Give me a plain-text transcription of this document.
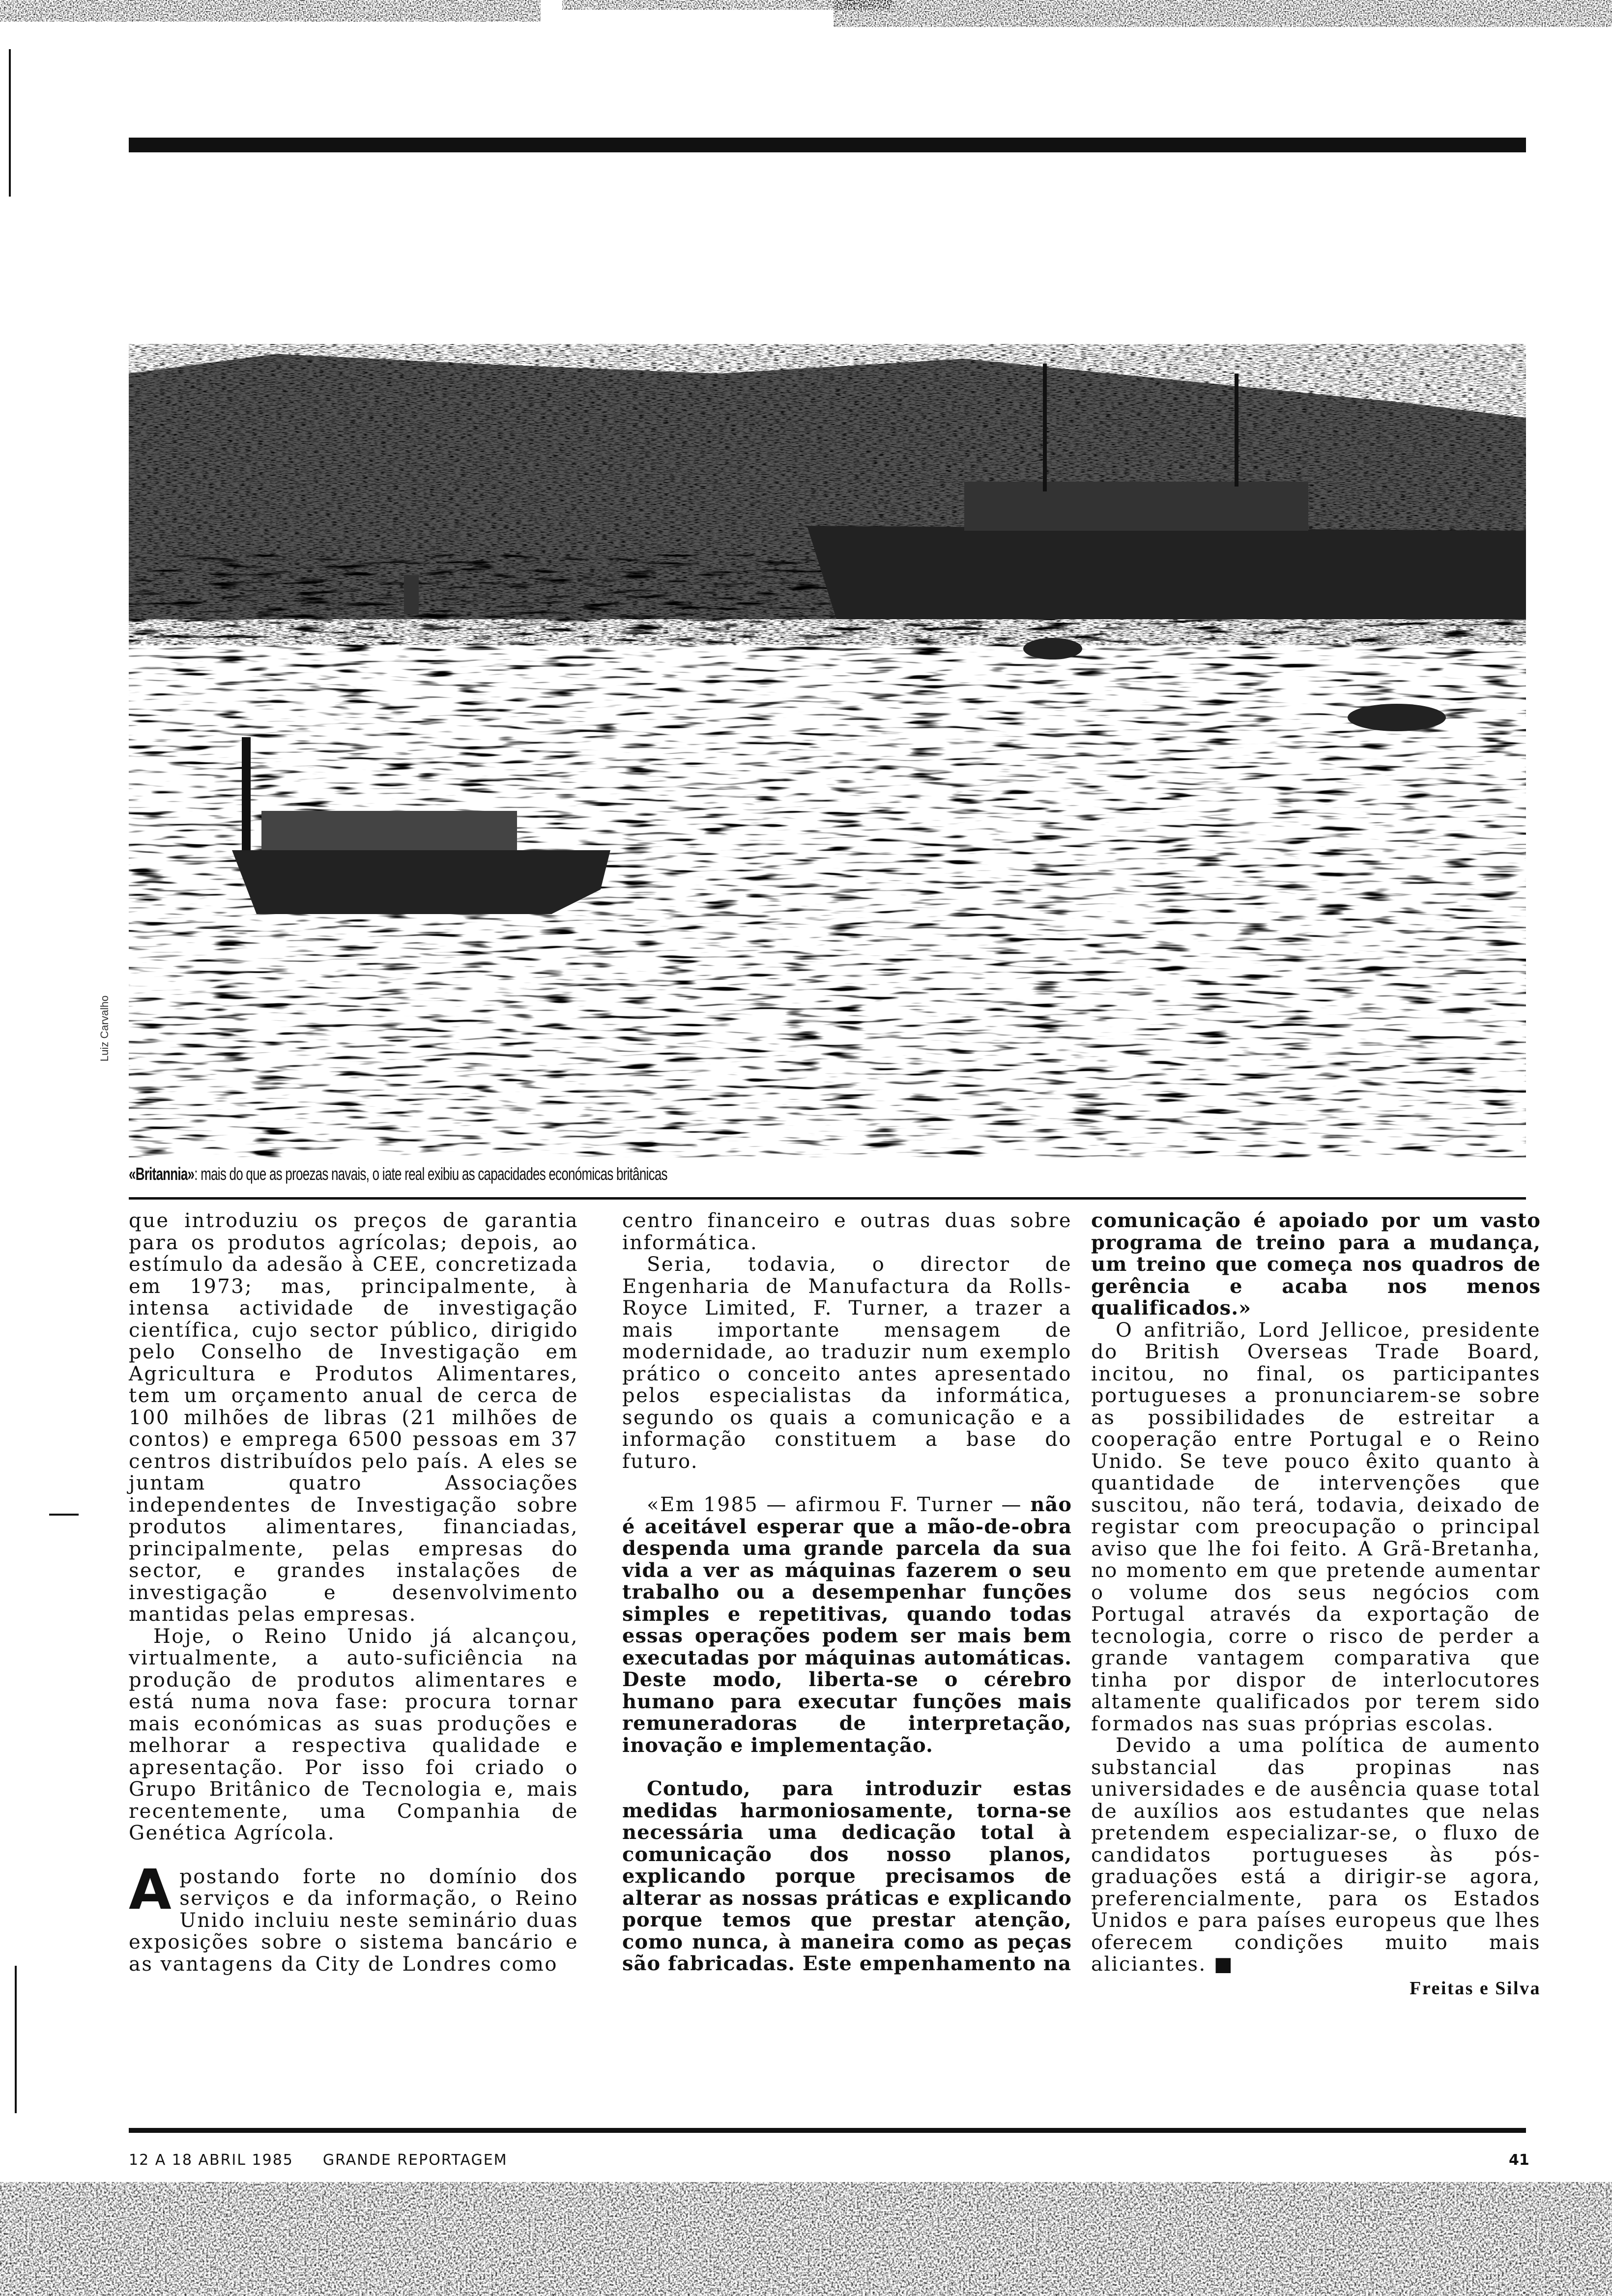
Luiz Carvalho
«Britannia»: mais do que as proezas navais, o iate real exibiu as capacidades económicas britânicas

que introduziu os preços de garantia para os produtos agrícolas; depois, ao estímulo da adesão à CEE, concretizada em 1973; mas, principalmente, à intensa actividade de investigação científica, cujo sector público, dirigido pelo Conselho de Investigação em Agricultura e Produtos Alimentares, tem um orçamento anual de cerca de 100 milhões de libras (21 milhões de contos) e emprega 6500 pessoas em 37 centros distribuídos pelo país. A eles se juntam quatro Associações independentes de Investigação sobre produtos alimentares, financiadas, principalmente, pelas empresas do sector, e grandes instalações de investigação e desenvolvimento mantidas pelas empresas.

Hoje, o Reino Unido já alcançou, virtualmente, a auto-suficiência na produção de produtos alimentares e está numa nova fase: procura tornar mais económicas as suas produções e melhorar a respectiva qualidade e apresentação. Por isso foi criado o Grupo Britânico de Tecnologia e, mais recentemente, uma Companhia de Genética Agrícola.

Apostando forte no domínio dos serviços e da informação, o Reino Unido incluiu neste seminário duas exposições sobre o sistema bancário e as vantagens da City de Londres como

centro financeiro e outras duas sobre informática.

Seria, todavia, o director de Engenharia de Manufactura da Rolls-Royce Limited, F. Turner, a trazer a mais importante mensagem de modernidade, ao traduzir num exemplo prático o conceito antes apresentado pelos especialistas da informática, segundo os quais a comunicação e a informação constituem a base do futuro.

«Em 1985 — afirmou F. Turner — não é aceitável esperar que a mão-de-obra despenda uma grande parcela da sua vida a ver as máquinas fazerem o seu trabalho ou a desempenhar funções simples e repetitivas, quando todas essas operações podem ser mais bem executadas por máquinas automáticas. Deste modo, liberta-se o cérebro humano para executar funções mais remuneradoras de interpretação, inovação e implementação.

Contudo, para introduzir estas medidas harmoniosamente, torna-se necessária uma dedicação total à comunicação dos nosso planos, explicando porque precisamos de alterar as nossas práticas e explicando porque temos que prestar atenção, como nunca, à maneira como as peças são fabricadas. Este empenhamento na

comunicação é apoiado por um vasto programa de treino para a mudança, um treino que começa nos quadros de gerência e acaba nos menos qualificados.»

O anfitrião, Lord Jellicoe, presidente do British Overseas Trade Board, incitou, no final, os participantes portugueses a pronunciarem-se sobre as possibilidades de estreitar a cooperação entre Portugal e o Reino Unido. Se teve pouco êxito quanto à quantidade de intervenções que suscitou, não terá, todavia, deixado de registar com preocupação o principal aviso que lhe foi feito. A Grã-Bretanha, no momento em que pretende aumentar o volume dos seus negócios com Portugal através da exportação de tecnologia, corre o risco de perder a grande vantagem comparativa que tinha por dispor de interlocutores altamente qualificados por terem sido formados nas suas próprias escolas.

Devido a uma política de aumento substancial das propinas nas universidades e de ausência quase total de auxílios aos estudantes que nelas pretendem especializar-se, o fluxo de candidatos portugueses às pós-graduações está a dirigir-se agora, preferencialmente, para os Estados Unidos e para países europeus que lhes oferecem condições muito mais aliciantes. ■

Freitas e Silva
12 A 18 ABRIL 1985 GRANDE REPORTAGEM	41
